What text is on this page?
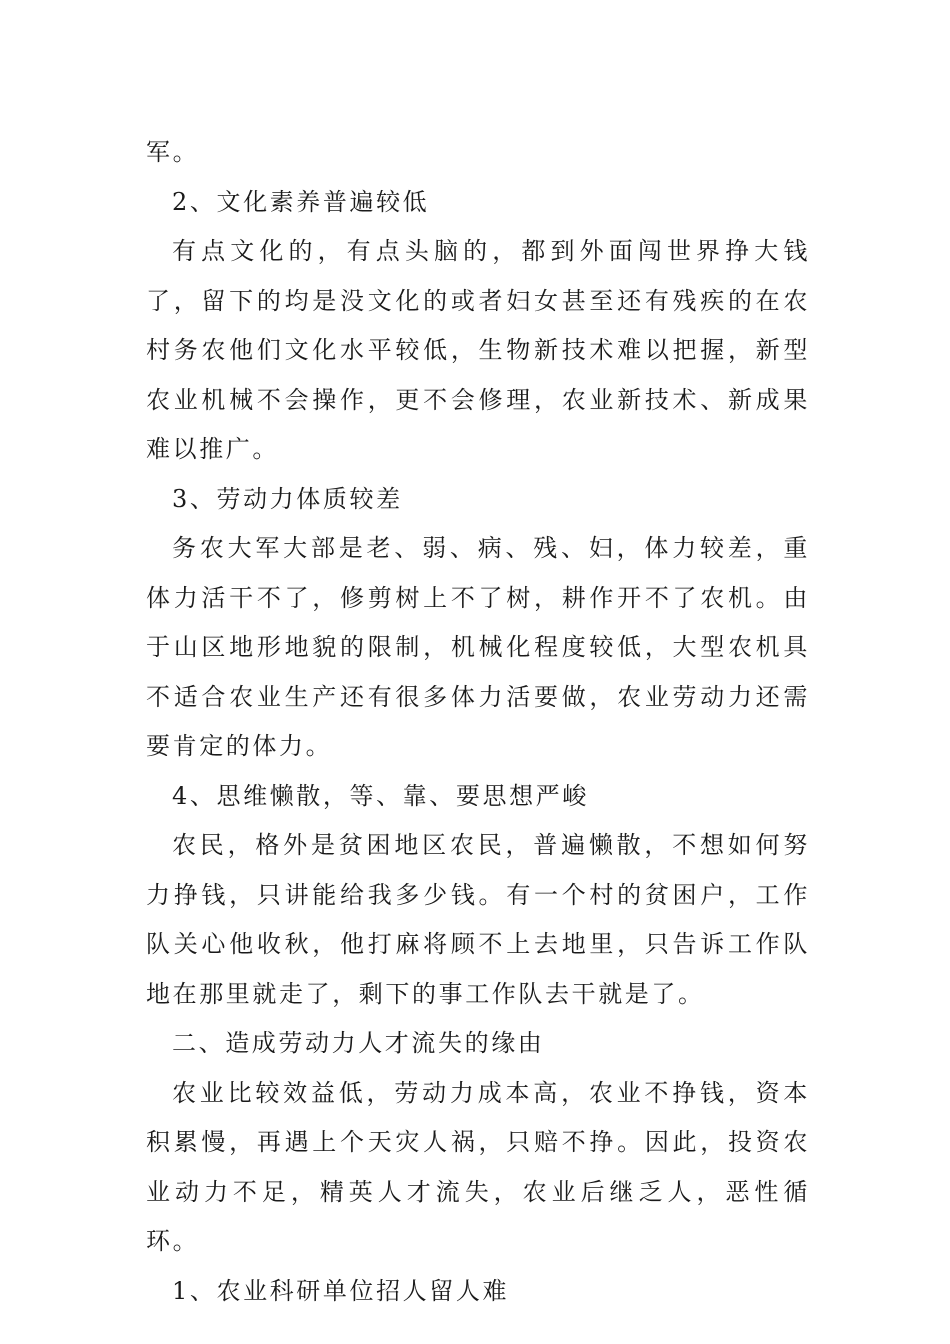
军。

2、文化素养普遍较低

有点文化的，有点头脑的，都到外面闯世界挣大钱了，留下的均是没文化的或者妇女甚至还有残疾的在农村务农他们文化水平较低，生物新技术难以把握，新型农业机械不会操作，更不会修理，农业新技术、新成果难以推广。

3、劳动力体质较差

务农大军大部是老、弱、病、残、妇，体力较差，重体力活干不了，修剪树上不了树，耕作开不了农机。由于山区地形地貌的限制，机械化程度较低，大型农机具不适合农业生产还有很多体力活要做，农业劳动力还需要肯定的体力。

4、思维懒散，等、靠、要思想严峻

农民，格外是贫困地区农民，普遍懒散，不想如何努力挣钱，只讲能给我多少钱。有一个村的贫困户，工作队关心他收秋，他打麻将顾不上去地里，只告诉工作队地在那里就走了，剩下的事工作队去干就是了。

二、造成劳动力人才流失的缘由

农业比较效益低，劳动力成本高，农业不挣钱，资本积累慢，再遇上个天灾人祸，只赔不挣。因此，投资农业动力不足，精英人才流失，农业后继乏人，恶性循环。

1、农业科研单位招人留人难
